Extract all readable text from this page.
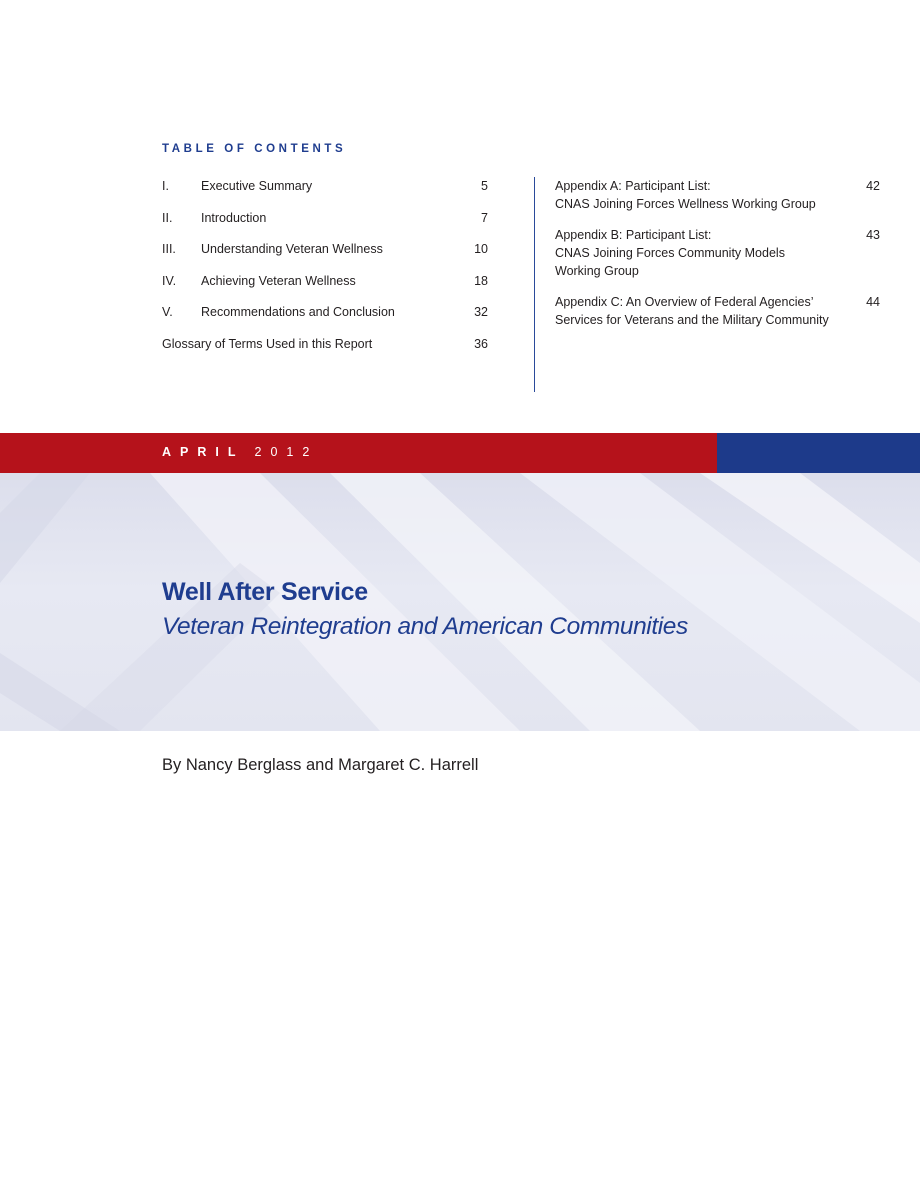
TABLE OF CONTENTS
I.	Executive Summary	5
II. Introduction	7
III. Understanding Veteran Wellness	10
IV. Achieving Veteran Wellness	18
V. Recommendations and Conclusion	32
Glossary of Terms Used in this Report	36
Appendix A: Participant List:
CNAS Joining Forces Wellness Working Group
42
Appendix B: Participant List:
CNAS Joining Forces Community Models
Working Group
43
Appendix C: An Overview of Federal Agencies’
Services for Veterans and the Military Community
44
APRIL 2012
Well After Service
Veteran Reintegration and American Communities
By Nancy Berglass and Margaret C. Harrell
